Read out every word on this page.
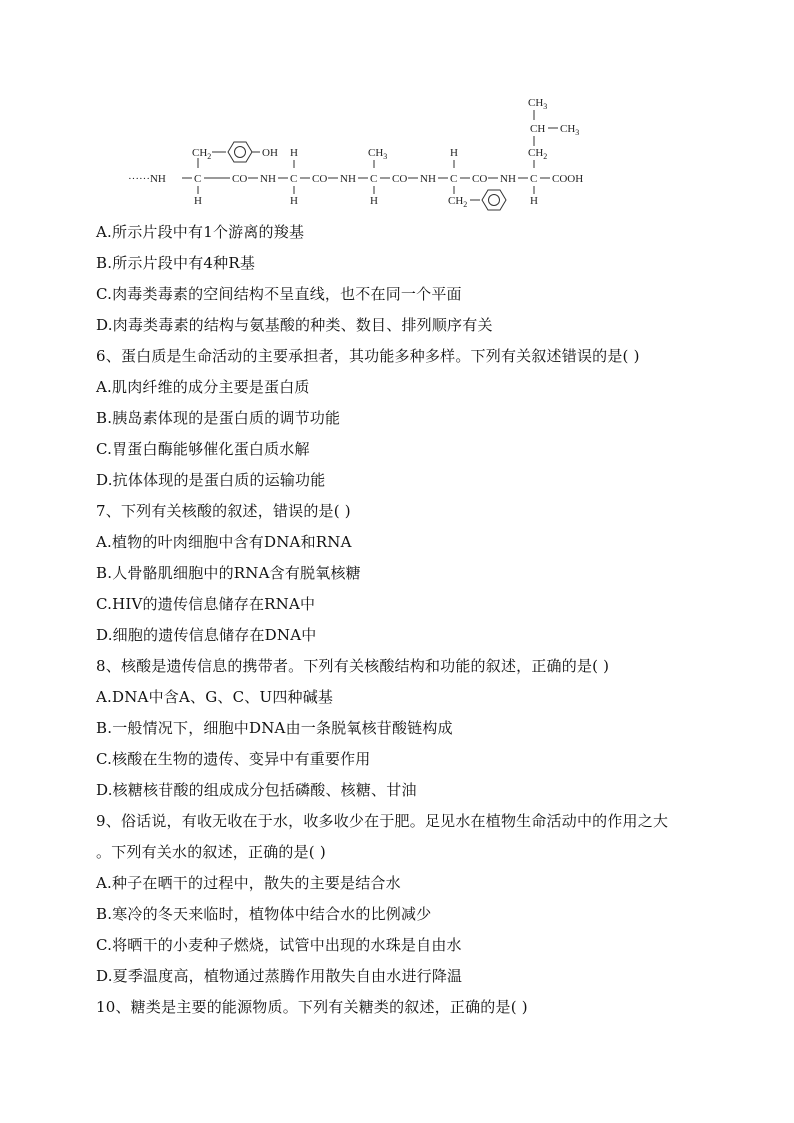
······NH	C	CO NH C CO NH C CO NH C CO NH C COOH
$CH_2$	OH
H
H
H
$CH_3$
H
H
$CH_2$
$CH_2$
CH $CH_3$
$CH_3$
H
A.所示片段中有1个游离的羧基
B.所示片段中有4种R基
C.肉毒类毒素的空间结构不呈直线，也不在同一个平面
D.肉毒类毒素的结构与氨基酸的种类、数目、排列顺序有关
6、蛋白质是生命活动的主要承担者，其功能多种多样。下列有关叙述错误的是( )
A.肌肉纤维的成分主要是蛋白质
B.胰岛素体现的是蛋白质的调节功能
C.胃蛋白酶能够催化蛋白质水解
D.抗体体现的是蛋白质的运输功能
7、下列有关核酸的叙述，错误的是( )
A.植物的叶肉细胞中含有DNA和RNA
B.人骨骼肌细胞中的RNA含有脱氧核糖
C.HIV的遗传信息储存在RNA中
D.细胞的遗传信息储存在DNA中
8、核酸是遗传信息的携带者。下列有关核酸结构和功能的叙述，正确的是( )
A.DNA中含A、G、C、U四种碱基
B.一般情况下，细胞中DNA由一条脱氧核苷酸链构成
C.核酸在生物的遗传、变异中有重要作用
D.核糖核苷酸的组成成分包括磷酸、核糖、甘油
9、俗话说，有收无收在于水，收多收少在于肥。足见水在植物生命活动中的作用之大
。下列有关水的叙述，正确的是( )
A.种子在晒干的过程中，散失的主要是结合水
B.寒冷的冬天来临时，植物体中结合水的比例减少
C.将晒干的小麦种子燃烧，试管中出现的水珠是自由水
D.夏季温度高，植物通过蒸腾作用散失自由水进行降温
10、糖类是主要的能源物质。下列有关糖类的叙述，正确的是( )
